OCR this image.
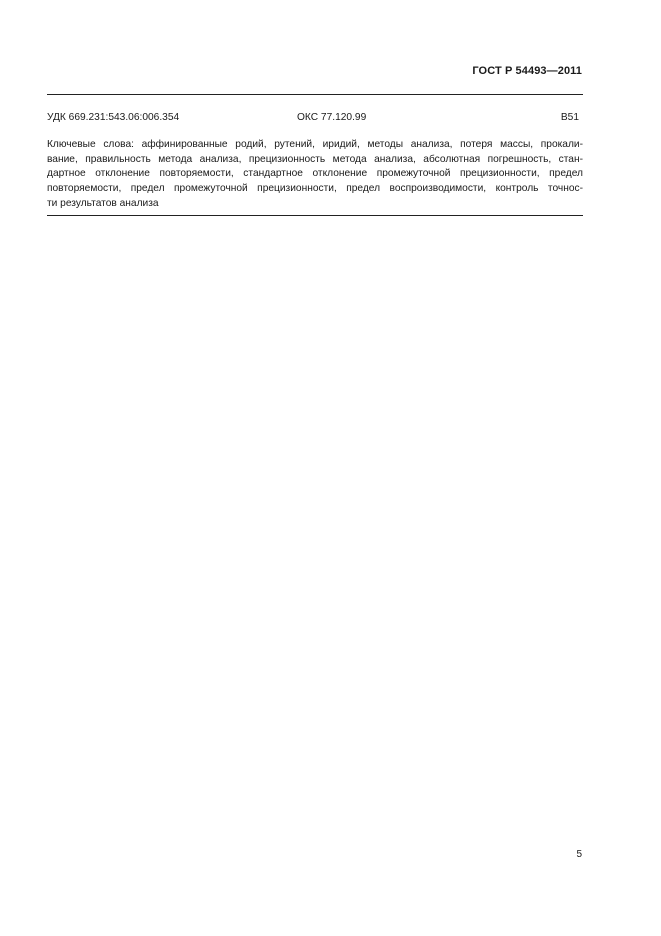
ГОСТ Р 54493—2011
УДК 669.231:543.06:006.354	ОКС 77.120.99	В51
Ключевые слова: аффинированные родий, рутений, иридий, методы анализа, потеря массы, прокали-
вание, правильность метода анализа, прецизионность метода анализа, абсолютная погрешность, стан-
дартное отклонение повторяемости, стандартное отклонение промежуточной прецизионности, предел
повторяемости, предел промежуточной прецизионности, предел воспроизводимости, контроль точнос-
ти результатов анализа
5
